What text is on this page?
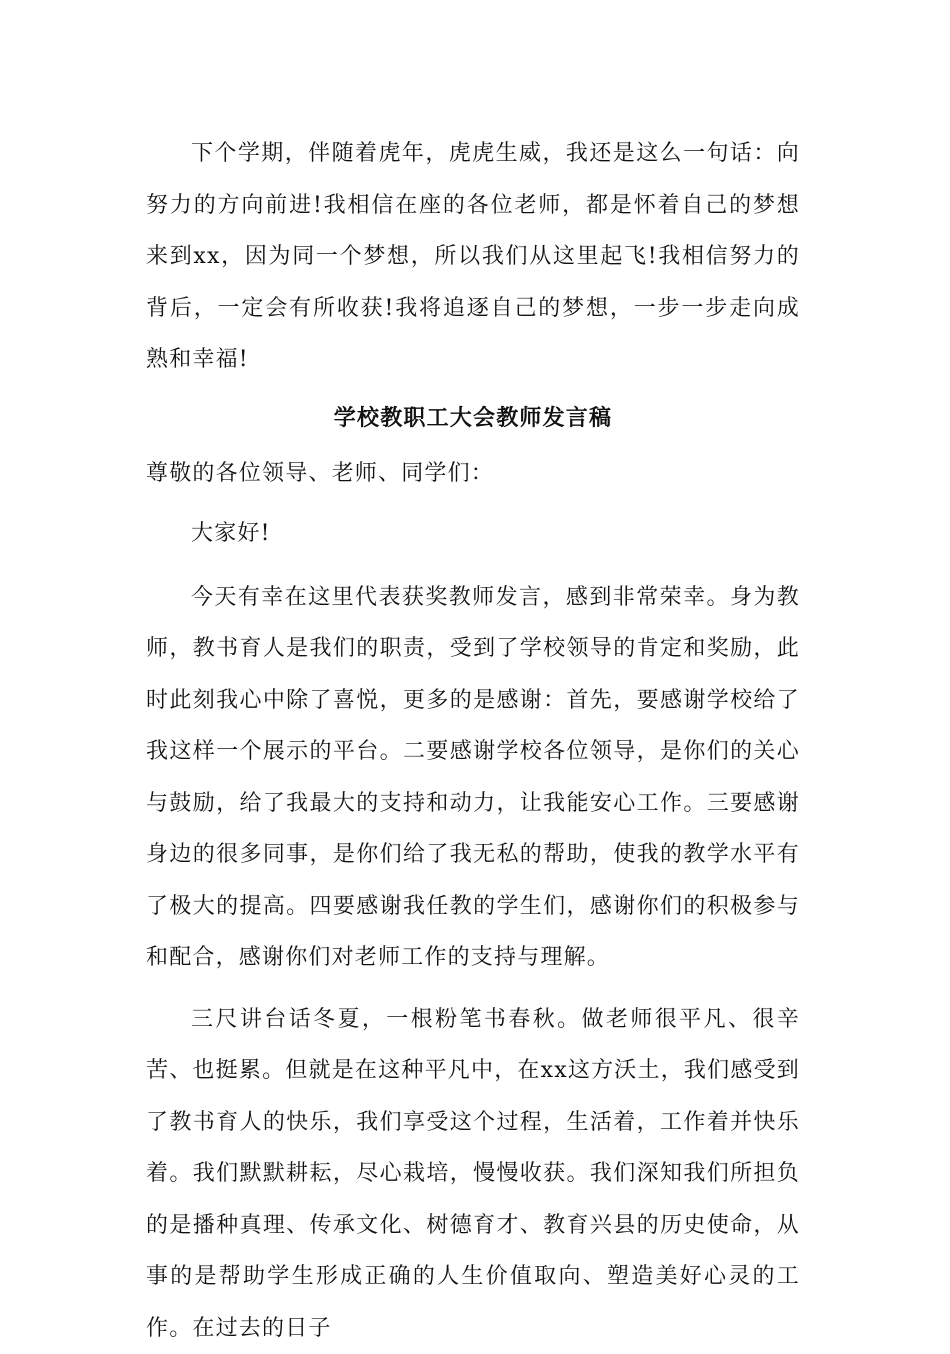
下个学期，伴随着虎年，虎虎生威，我还是这么一句话：向努力的方向前进!我相信在座的各位老师，都是怀着自己的梦想来到xx，因为同一个梦想，所以我们从这里起飞!我相信努力的背后，一定会有所收获!我将追逐自己的梦想，一步一步走向成熟和幸福!

学校教职工大会教师发言稿

尊敬的各位领导、老师、同学们：

大家好!

今天有幸在这里代表获奖教师发言，感到非常荣幸。身为教师，教书育人是我们的职责，受到了学校领导的肯定和奖励，此时此刻我心中除了喜悦，更多的是感谢：首先，要感谢学校给了我这样一个展示的平台。二要感谢学校各位领导，是你们的关心与鼓励，给了我最大的支持和动力，让我能安心工作。三要感谢身边的很多同事，是你们给了我无私的帮助，使我的教学水平有了极大的提高。四要感谢我任教的学生们，感谢你们的积极参与和配合，感谢你们对老师工作的支持与理解。

三尺讲台话冬夏，一根粉笔书春秋。做老师很平凡、很辛苦、也挺累。但就是在这种平凡中，在xx这方沃土，我们感受到了教书育人的快乐，我们享受这个过程，生活着，工作着并快乐着。我们默默耕耘，尽心栽培，慢慢收获。我们深知我们所担负的是播种真理、传承文化、树德育才、教育兴县的历史使命，从事的是帮助学生形成正确的人生价值取向、塑造美好心灵的工作。在过去的日子
